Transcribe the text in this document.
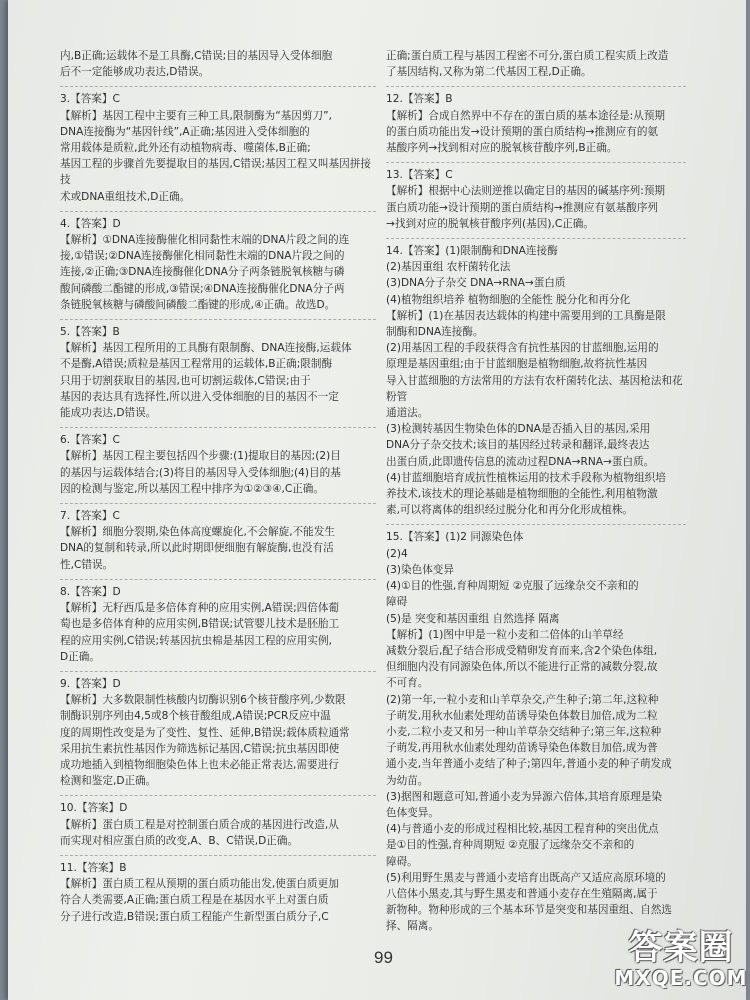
内,B正确;运载体不是工具酶,C错误;目的基因导入受体细胞

后不一定能够成功表达,D错误。

3.【答案】C

【解析】基因工程中主要有三种工具,限制酶为“基因剪刀”,

DNA连接酶为“基因针线”,A正确;基因进入受体细胞的

常用载体是质粒,此外还有动植物病毒、噬菌体,B正确;

基因工程的步骤首先要提取目的基因,C错误;基因工程又叫基因拼接技

术或DNA重组技术,D正确。

4.【答案】D

【解析】①DNA连接酶催化相同黏性末端的DNA片段之间的连

接,①错误;②DNA连接酶催化相同黏性末端的DNA片段之间的

连接,②正确;③DNA连接酶催化DNA分子两条链脱氧核糖与磷

酸间磷酸二酯键的形成,③错误;④DNA连接酶催化DNA分子两

条链脱氧核糖与磷酸间磷酸二酯键的形成,④正确。故选D。

5.【答案】B

【解析】基因工程所用的工具酶有限制酶、DNA连接酶,运载体

不是酶,A错误;质粒是基因工程常用的运载体,B正确;限制酶

只用于切割获取目的基因,也可切割运载体,C错误;由于

基因的表达具有选择性,所以进入受体细胞的目的基因不一定

能成功表达,D错误。

6.【答案】C

【解析】基因工程主要包括四个步骤:(1)提取目的基因;(2)目

的基因与运载体结合;(3)将目的基因导入受体细胞;(4)目的基

因的检测与鉴定,所以基因工程中排序为①②③④,C正确。

7.【答案】C

【解析】细胞分裂期,染色体高度螺旋化,不会解旋,不能发生

DNA的复制和转录,所以此时期即便细胞有解旋酶,也没有活

性,C错误。

8.【答案】D

【解析】无籽西瓜是多倍体育种的应用实例,A错误;四倍体葡

萄也是多倍体育种的应用实例,B错误;试管婴儿技术是胚胎工

程的应用实例,C错误;转基因抗虫棉是基因工程的应用实例,

D正确。

9.【答案】D

【解析】大多数限制性核酸内切酶识别6个核苷酸序列,少数限

制酶识别序列由4,5或8个核苷酸组成,A错误;PCR反应中温

度的周期性改变是为了变性、复性、延伸,B错误;载体质粒通常

采用抗生素抗性基因作为筛选标记基因,C错误;抗虫基因即使

成功地插入到植物细胞染色体上也未必能正常表达,需要进行

检测和鉴定,D正确。

10.【答案】D

【解析】蛋白质工程是对控制蛋白质合成的基因进行改造,从

而实现对相应蛋白质的改变,A、B、C错误,D正确。

11.【答案】B

【解析】蛋白质工程从预期的蛋白质功能出发,使蛋白质更加

符合人类需要,A正确;蛋白质工程是在基因水平上对蛋白质

分子进行改造,B错误;蛋白质工程能产生新型蛋白质分子,C

正确;蛋白质工程与基因工程密不可分,蛋白质工程实质上改造

了基因结构,又称为第二代基因工程,D正确。

12.【答案】B

【解析】合成自然界中不存在的蛋白质的基本途径是:从预期

的蛋白质功能出发→设计预期的蛋白质结构→推测应有的氨

基酸序列→找到相对应的脱氧核苷酸序列,B正确。

13.【答案】C

【解析】根据中心法则逆推以确定目的基因的碱基序列:预期

蛋白质功能→设计预期的蛋白质结构→推测应有氨基酸序列

→找到对应的脱氧核苷酸序列(基因),C正确。

14.【答案】(1)限制酶和DNA连接酶

(2)基因重组 农杆菌转化法

(3)DNA分子杂交 DNA→RNA→蛋白质

(4)植物组织培养 植物细胞的全能性 脱分化和再分化

【解析】(1)在基因表达载体的构建中需要用到的工具酶是限

制酶和DNA连接酶。

(2)用基因工程的手段获得含有抗性基因的甘蓝细胞,运用的

原理是基因重组;由于甘蓝细胞是植物细胞,故将抗性基因

导入甘蓝细胞的方法常用的方法有农杆菌转化法、基因枪法和花粉管

通道法。

(3)检测转基因生物染色体的DNA是否插入目的基因,采用

DNA分子杂交技术;该目的基因经过转录和翻译,最终表达

出蛋白质,此即遗传信息的流动过程DNA→RNA→蛋白质。

(4)甘蓝细胞培育成抗性植株运用的技术手段称为植物组织培

养技术,该技术的理论基础是植物细胞的全能性,利用植物激

素,可以将离体的组织经过脱分化和再分化形成植株。

15.【答案】(1)2 同源染色体

(2)4

(3)染色体变异

(4)①目的性强,育种周期短 ②克服了远缘杂交不亲和的

障碍

(5)是 突变和基因重组 自然选择 隔离

【解析】(1)图中甲是一粒小麦和二倍体的山羊草经

减数分裂后,配子结合形成受精卵发育而来,含2个染色体组,

但细胞内没有同源染色体,所以不能进行正常的减数分裂,故

不可育。

(2)第一年,一粒小麦和山羊草杂交,产生种子;第二年,这粒种

子萌发,用秋水仙素处理幼苗诱导染色体数目加倍,成为二粒

小麦,二粒小麦又和另一种山羊草杂交结种子;第三年,这粒种

子萌发,再用秋水仙素处理幼苗诱导染色体数目加倍,成为普

通小麦,当年普通小麦结了种子;第四年,普通小麦的种子萌发成

为幼苗。

(3)据图和题意可知,普通小麦为异源六倍体,其培育原理是染

色体变异。

(4)与普通小麦的形成过程相比较,基因工程育种的突出优点

是①目的性强,育种周期短 ②克服了远缘杂交不亲和的

障碍。

(5)利用野生黑麦与普通小麦培育出既高产又适应高原环境的

八倍体小黑麦,其与野生黑麦和普通小麦存在生殖隔离,属于

新物种。物种形成的三个基本环节是突变和基因重组、自然选

择、隔离。

99	答案圈
MXQE.COM
